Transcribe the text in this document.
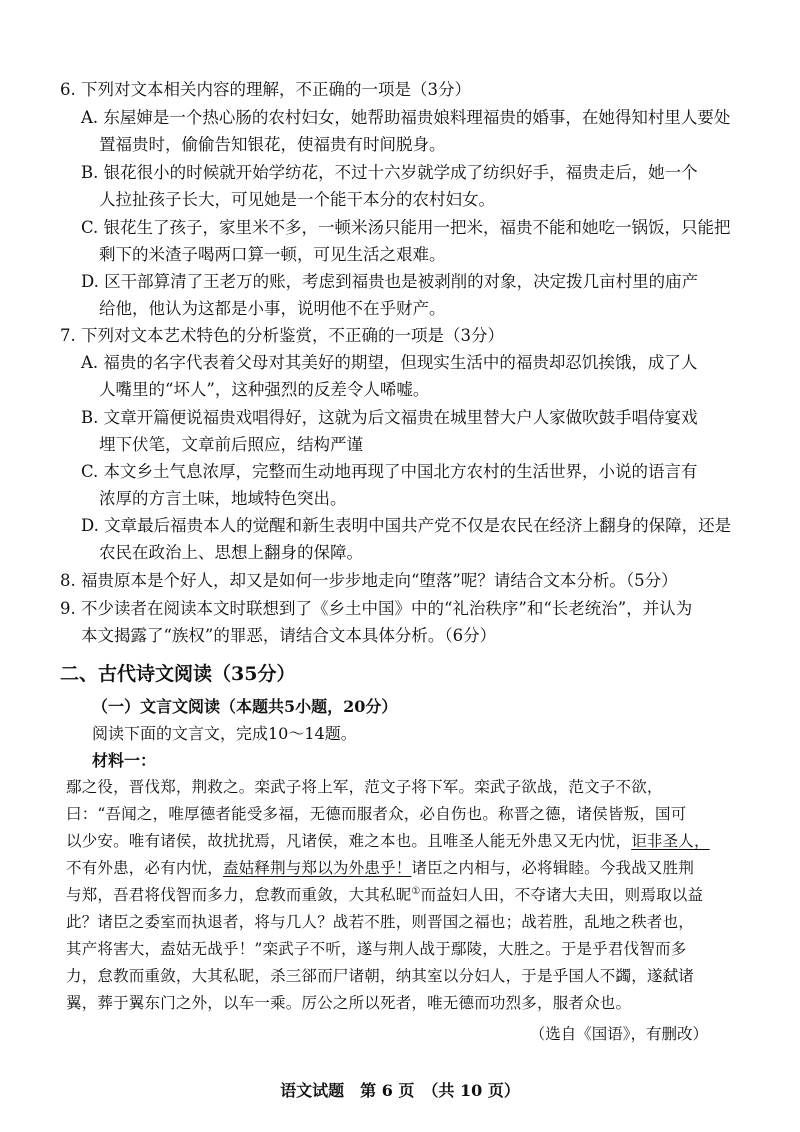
6. 下列对文本相关内容的理解，不正确的一项是（3分）
A. 东屋婶是一个热心肠的农村妇女，她帮助福贵娘料理福贵的婚事，在她得知村里人要处
置福贵时，偷偷告知银花，使福贵有时间脱身。
B. 银花很小的时候就开始学纺花，不过十六岁就学成了纺织好手，福贵走后，她一个
人拉扯孩子长大，可见她是一个能干本分的农村妇女。
C. 银花生了孩子，家里米不多，一顿米汤只能用一把米，福贵不能和她吃一锅饭，只能把
剩下的米渣子喝两口算一顿，可见生活之艰难。
D. 区干部算清了王老万的账，考虑到福贵也是被剥削的对象，决定拨几亩村里的庙产
给他，他认为这都是小事，说明他不在乎财产。
7. 下列对文本艺术特色的分析鉴赏，不正确的一项是（3分）
A. 福贵的名字代表着父母对其美好的期望，但现实生活中的福贵却忍饥挨饿，成了人
人嘴里的“坏人”，这种强烈的反差令人唏嘘。
B. 文章开篇便说福贵戏唱得好，这就为后文福贵在城里替大户人家做吹鼓手唱侍宴戏
埋下伏笔，文章前后照应，结构严谨
C. 本文乡土气息浓厚，完整而生动地再现了中国北方农村的生活世界，小说的语言有
浓厚的方言土味，地域特色突出。
D. 文章最后福贵本人的觉醒和新生表明中国共产党不仅是农民在经济上翻身的保障，还是
农民在政治上、思想上翻身的保障。
8. 福贵原本是个好人，却又是如何一步步地走向“堕落”呢？请结合文本分析。（5分）
9. 不少读者在阅读本文时联想到了《乡土中国》中的“礼治秩序”和“长老统治”，并认为
本文揭露了“族权”的罪恶，请结合文本具体分析。（6分）
二、古代诗文阅读（35分）
（一）文言文阅读（本题共5小题，20分）
阅读下面的文言文，完成10～14题。
材料一：
鄢之役，晋伐郑，荆救之。栾武子将上军，范文子将下军。栾武子欲战，范文子不欲，
曰：“吾闻之，唯厚德者能受多福，无德而服者众，必自伤也。称晋之德，诸侯皆叛，国可
以少安。唯有诸侯，故扰扰焉，凡诸侯，难之本也。且唯圣人能无外患又无内忧，讵非圣人，
不有外患，必有内忧，盍姑释荆与郑以为外患乎！诸臣之内相与，必将辑睦。今我战又胜荆
与郑，吾君将伐智而多力，怠教而重敛，大其私昵①而益妇人田，不夺诸大夫田，则焉取以益
此？诸臣之委室而执退者，将与几人？战若不胜，则晋国之福也；战若胜，乱地之秩者也，
其产将害大，盍姑无战乎！”栾武子不听，遂与荆人战于鄢陵，大胜之。于是乎君伐智而多
力，怠教而重敛，大其私昵，杀三郤而尸诸朝，纳其室以分妇人，于是乎国人不蠲，遂弑诸
翼，葬于翼东门之外，以车一乘。厉公之所以死者，唯无德而功烈多，服者众也。
（选自《国语》，有删改）
语文试题　第 6 页　（共 10 页）
